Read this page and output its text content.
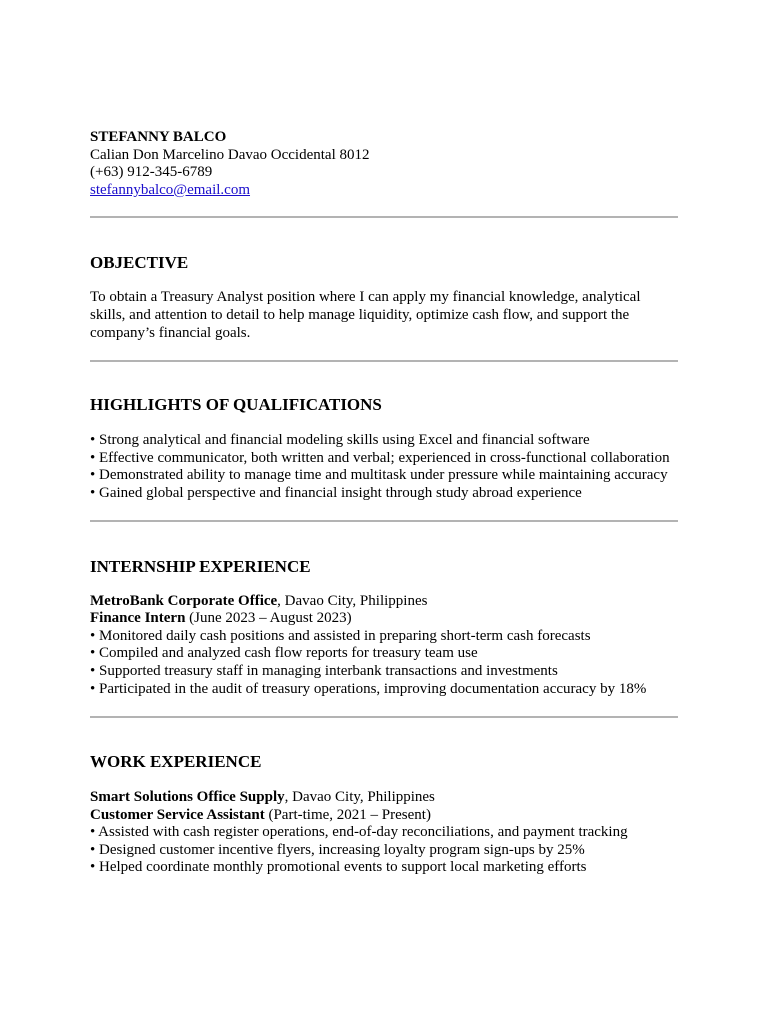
STEFANNY BALCO
Calian Don Marcelino Davao Occidental 8012
(+63) 912-345-6789
stefannybalco@email.com
OBJECTIVE
To obtain a Treasury Analyst position where I can apply my financial knowledge, analytical skills, and attention to detail to help manage liquidity, optimize cash flow, and support the company’s financial goals.
HIGHLIGHTS OF QUALIFICATIONS
• Strong analytical and financial modeling skills using Excel and financial software
• Effective communicator, both written and verbal; experienced in cross-functional collaboration
• Demonstrated ability to manage time and multitask under pressure while maintaining accuracy
• Gained global perspective and financial insight through study abroad experience
INTERNSHIP EXPERIENCE
MetroBank Corporate Office, Davao City, Philippines
Finance Intern (June 2023 – August 2023)
• Monitored daily cash positions and assisted in preparing short-term cash forecasts
• Compiled and analyzed cash flow reports for treasury team use
• Supported treasury staff in managing interbank transactions and investments
• Participated in the audit of treasury operations, improving documentation accuracy by 18%
WORK EXPERIENCE
Smart Solutions Office Supply, Davao City, Philippines
Customer Service Assistant (Part-time, 2021 – Present)
• Assisted with cash register operations, end-of-day reconciliations, and payment tracking
• Designed customer incentive flyers, increasing loyalty program sign-ups by 25%
• Helped coordinate monthly promotional events to support local marketing efforts
